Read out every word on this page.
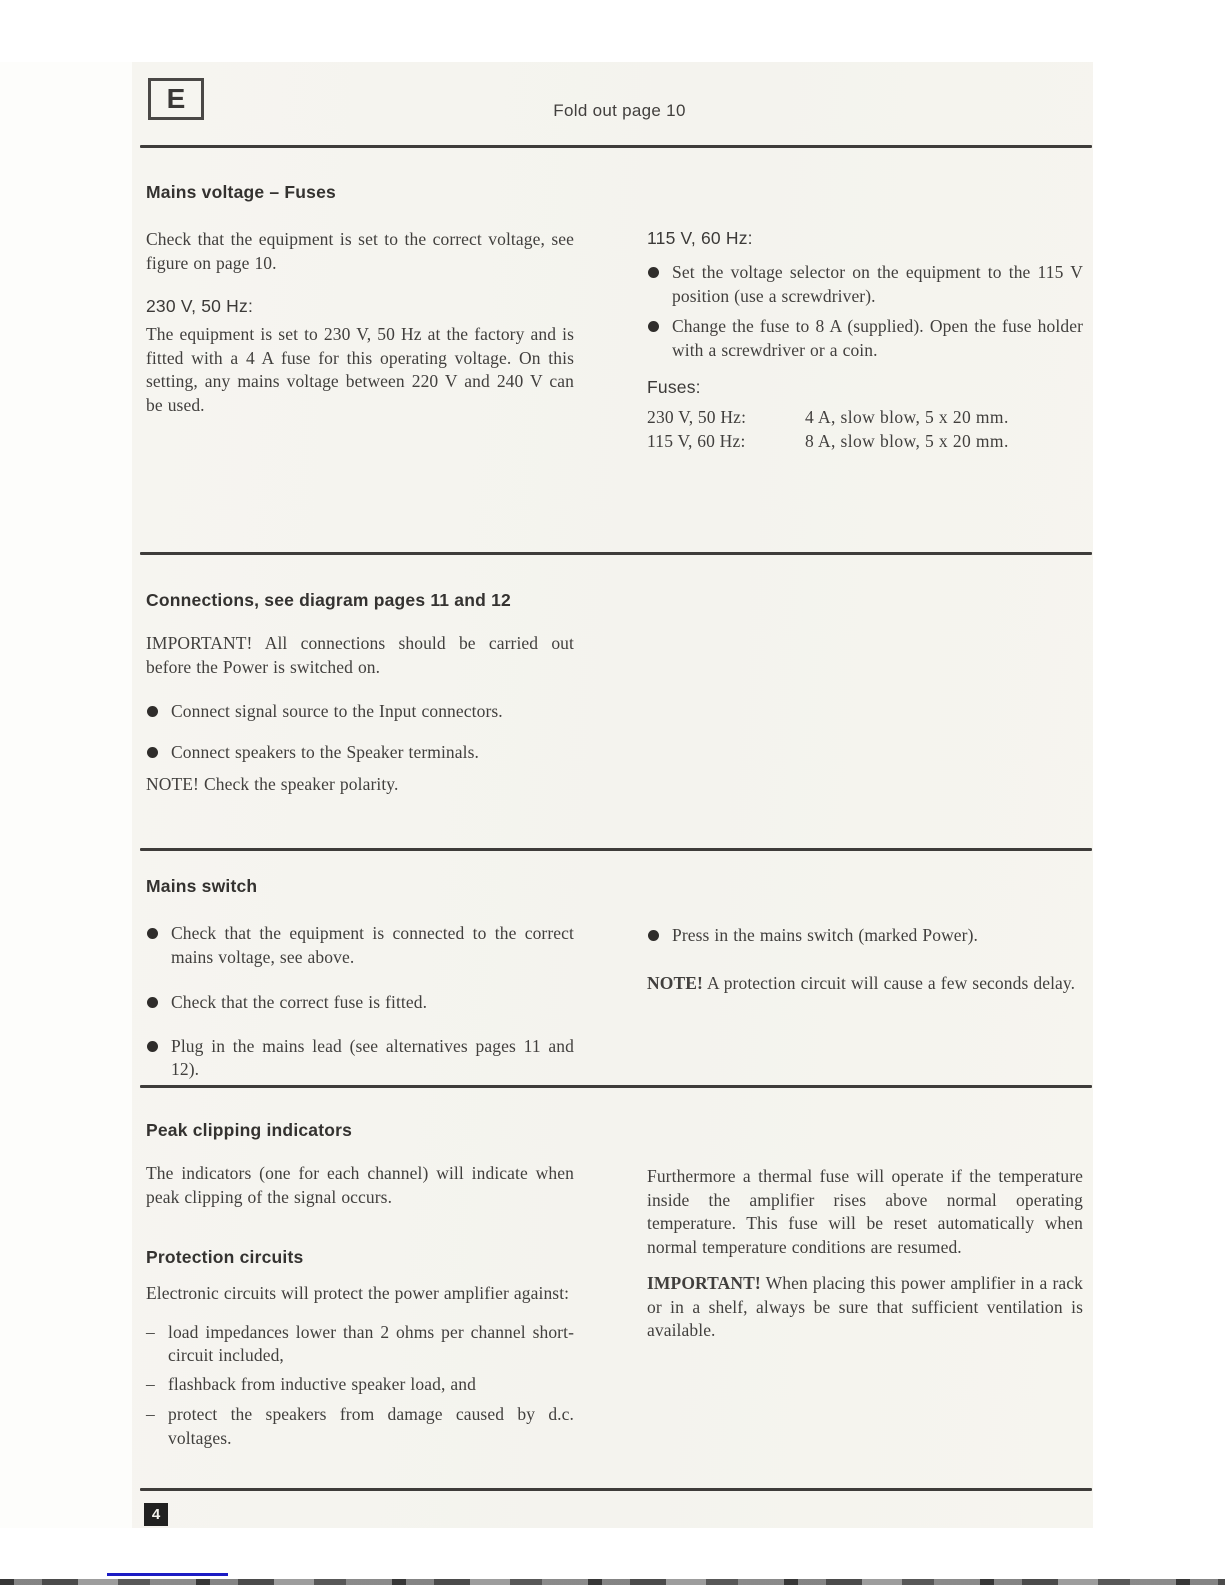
E	Fold out page 10
Mains voltage – Fuses

Check that the equipment is set to the correct voltage, see figure on page 10.

230 V, 50 Hz:

The equipment is set to 230 V, 50 Hz at the factory and is fitted with a 4 A fuse for this operating voltage. On this setting, any mains voltage between 220 V and 240 V can be used.

115 V, 60 Hz:

Set the voltage selector on the equipment to the 115 V position (use a screwdriver).

Change the fuse to 8 A (supplied). Open the fuse holder with a screwdriver or a coin.

Fuses:

230 V, 50 Hz:	4 A, slow blow, 5 x 20 mm.
115 V, 60 Hz:	8 A, slow blow, 5 x 20 mm.
Connections, see diagram pages 11 and 12

IMPORTANT! All connections should be carried out before the Power is switched on.

Connect signal source to the Input connectors.

Connect speakers to the Speaker terminals.

NOTE! Check the speaker polarity.

Mains switch

Check that the equipment is connected to the correct mains voltage, see above.

Check that the correct fuse is fitted.

Plug in the mains lead (see alternatives pages 11 and 12).

Press in the mains switch (marked Power).

NOTE! A protection circuit will cause a few seconds delay.

Peak clipping indicators

The indicators (one for each channel) will indicate when peak clipping of the signal occurs.

Protection circuits

Electronic circuits will protect the power amplifier against:

– load impedances lower than 2 ohms per channel short-circuit included,

– flashback from inductive speaker load, and

– protect the speakers from damage caused by d.c. voltages.

Furthermore a thermal fuse will operate if the temperature inside the amplifier rises above normal operating temperature. This fuse will be reset automatically when normal temperature conditions are resumed.

IMPORTANT! When placing this power amplifier in a rack or in a shelf, always be sure that sufficient ventilation is available.

4
